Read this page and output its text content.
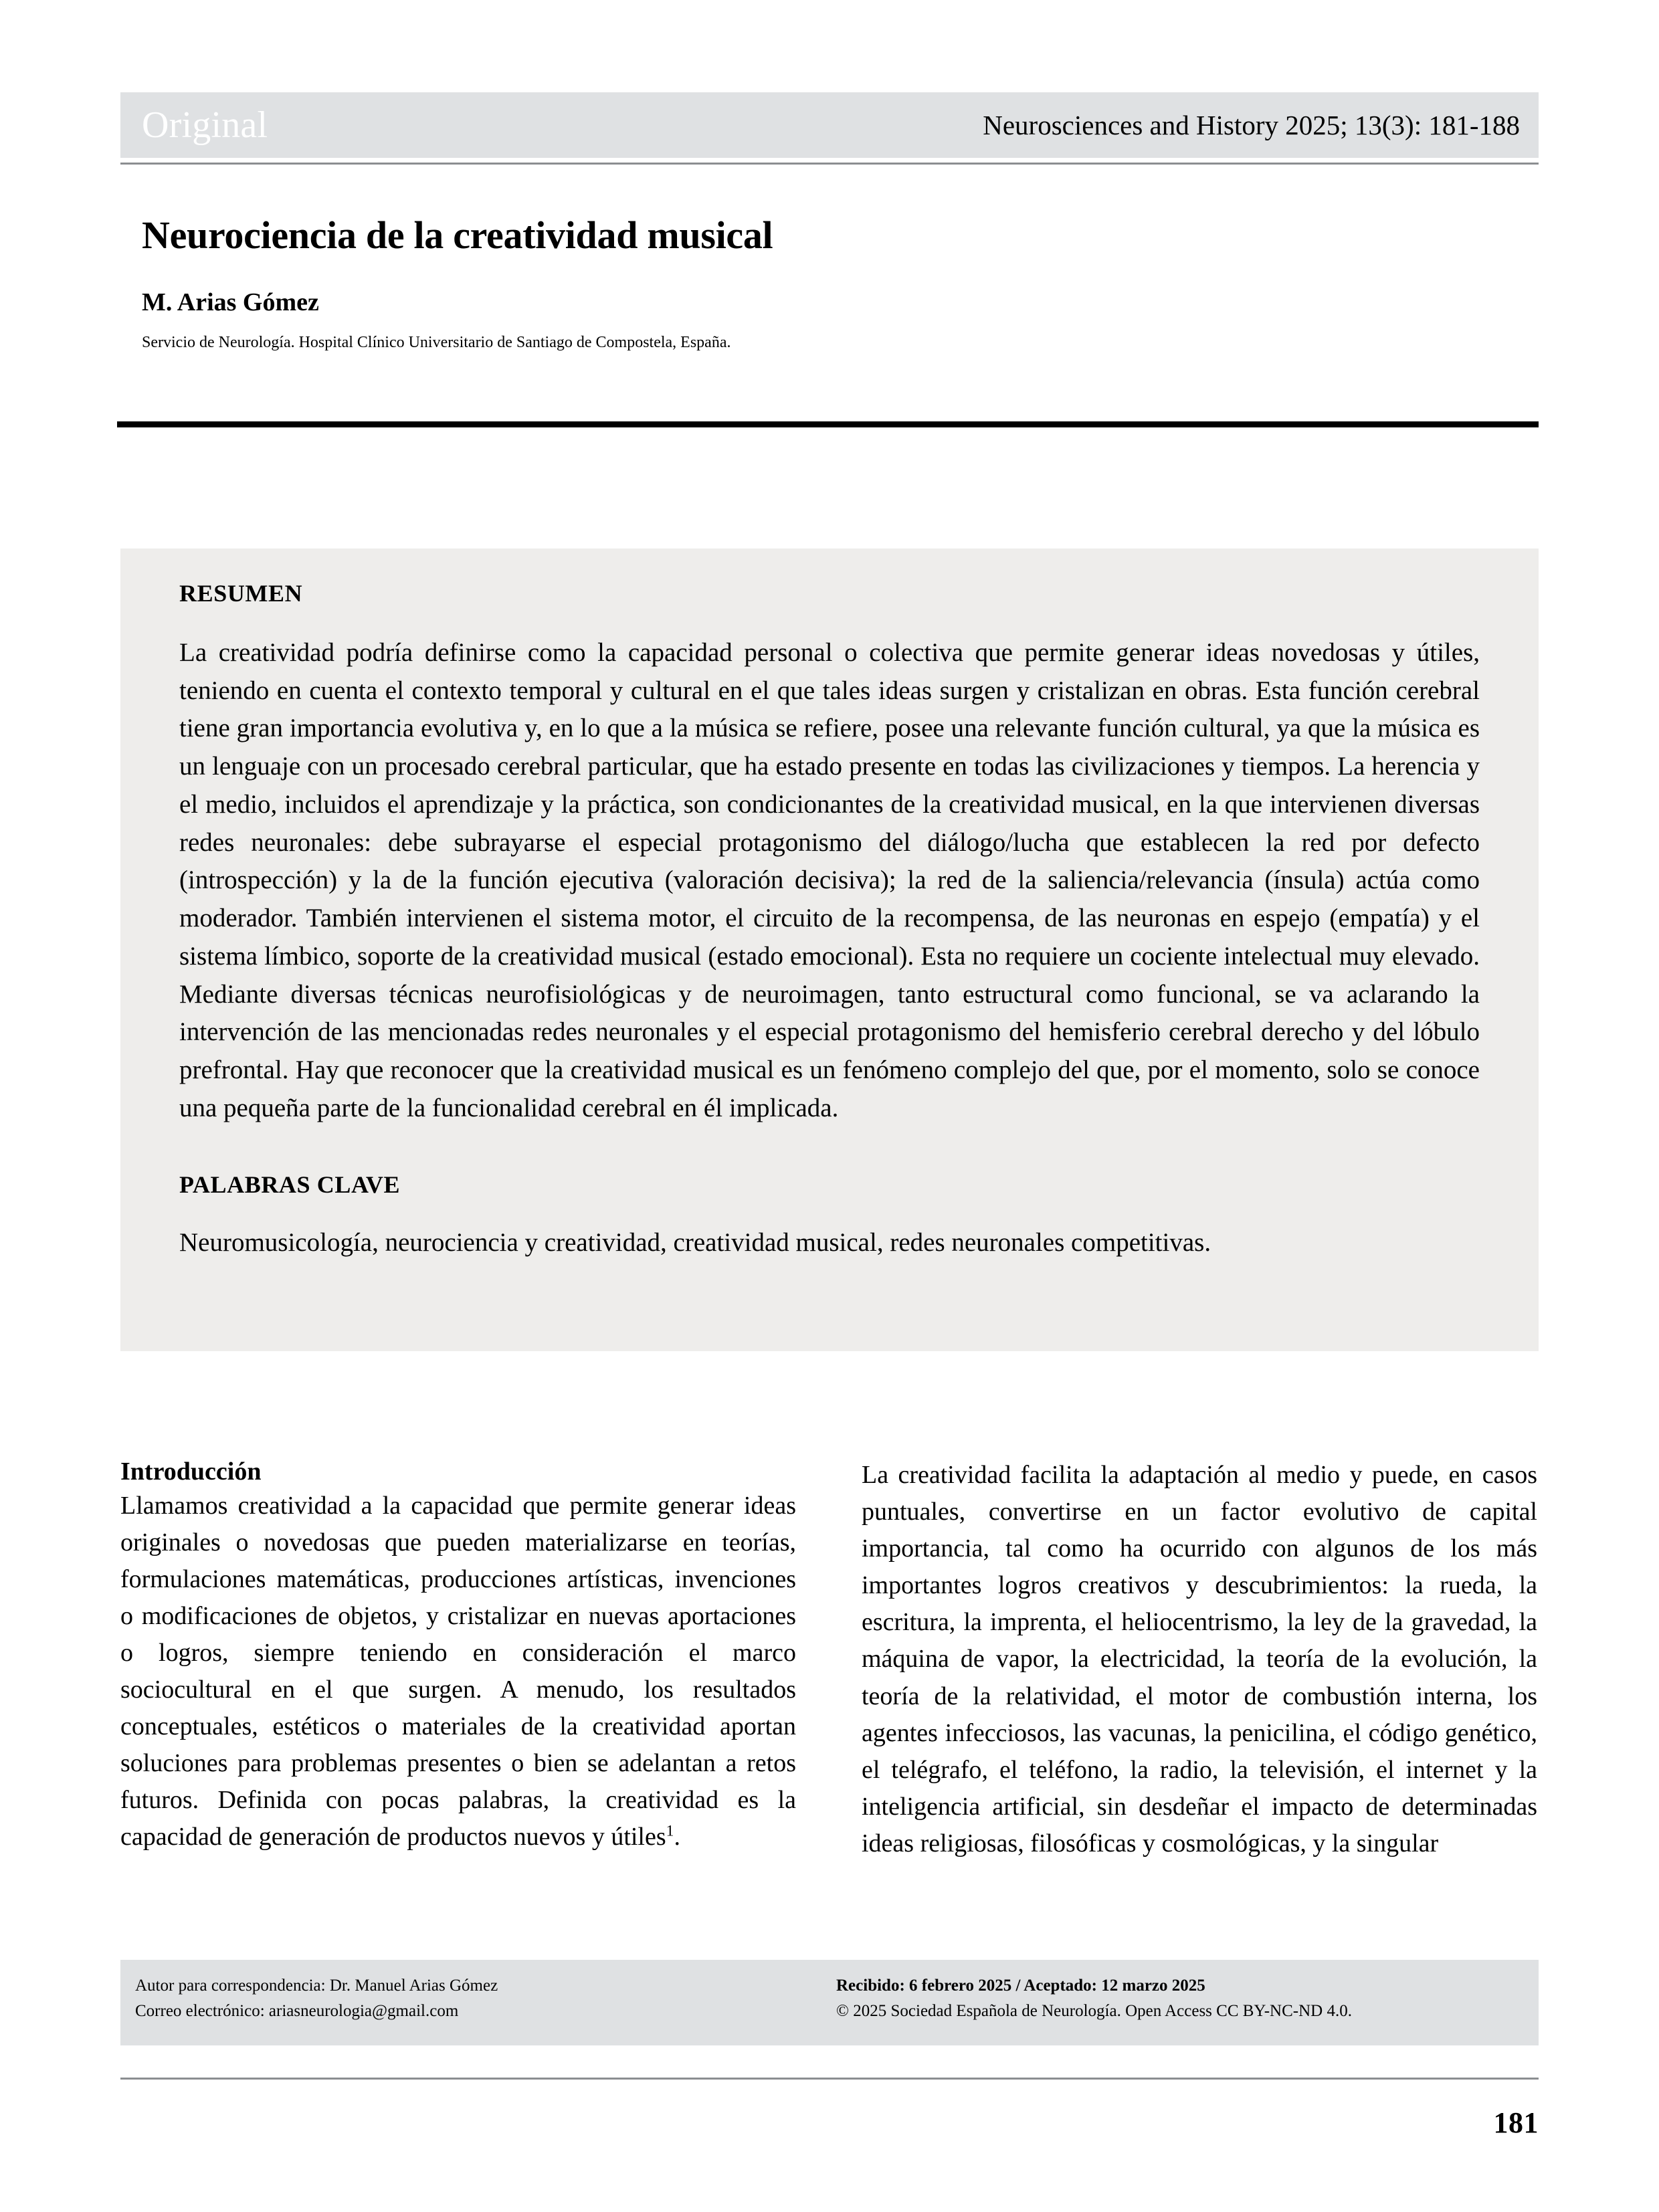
Original	Neurosciences and History 2025; 13(3): 181-188
Neurociencia de la creatividad musical
M. Arias Gómez
Servicio de Neurología. Hospital Clínico Universitario de Santiago de Compostela, España.

RESUMEN

La creatividad podría definirse como la capacidad personal o colectiva que permite generar ideas novedosas y útiles, teniendo en cuenta el contexto temporal y cultural en el que tales ideas surgen y cristalizan en obras. Esta función cerebral tiene gran importancia evolutiva y, en lo que a la música se refiere, posee una relevante función cultural, ya que la música es un lenguaje con un procesado cerebral particular, que ha estado presente en todas las civilizaciones y tiempos. La herencia y el medio, incluidos el aprendizaje y la práctica, son condicionantes de la creatividad musical, en la que intervienen diversas redes neuronales: debe subrayarse el especial protagonismo del diálogo/lucha que establecen la red por defecto (introspección) y la de la función ejecutiva (valoración decisiva); la red de la saliencia/relevancia (ínsula) actúa como moderador. También intervienen el sistema motor, el circuito de la recompensa, de las neuronas en espejo (empatía) y el sistema límbico, soporte de la creatividad musical (estado emocional). Esta no requiere un cociente intelectual muy elevado. Mediante diversas técnicas neurofisiológicas y de neuroimagen, tanto estructural como funcional, se va aclarando la intervención de las mencionadas redes neuronales y el especial protagonismo del hemisferio cerebral derecho y del lóbulo prefrontal. Hay que reconocer que la creatividad musical es un fenómeno complejo del que, por el momento, solo se conoce una pequeña parte de la funcionalidad cerebral en él implicada.

PALABRAS CLAVE

Neuromusicología, neurociencia y creatividad, creatividad musical, redes neuronales competitivas.

Introducción

Llamamos creatividad a la capacidad que permite generar ideas originales o novedosas que pueden materializarse en teorías, formulaciones matemáticas, producciones artísticas, invenciones o modificaciones de objetos, y cristalizar en nuevas aportaciones o logros, siempre teniendo en consideración el marco sociocultural en el que surgen. A menudo, los resultados conceptuales, estéticos o materiales de la creatividad aportan soluciones para problemas presentes o bien se adelantan a retos futuros. Definida con pocas palabras, la creatividad es la capacidad de generación de productos nuevos y útiles$^1$.

La creatividad facilita la adaptación al medio y puede, en casos puntuales, convertirse en un factor evolutivo de capital importancia, tal como ha ocurrido con algunos de los más importantes logros creativos y descubrimientos: la rueda, la escritura, la imprenta, el heliocentrismo, la ley de la gravedad, la máquina de vapor, la electricidad, la teoría de la evolución, la teoría de la relatividad, el motor de combustión interna, los agentes infecciosos, las vacunas, la penicilina, el código genético, el telégrafo, el teléfono, la radio, la televisión, el internet y la inteligencia artificial, sin desdeñar el impacto de determinadas ideas religiosas, filosóficas y cosmológicas, y la singular

Autor para correspondencia: Dr. Manuel Arias Gómez

Correo electrónico: ariasneurologia@gmail.com

Recibido: 6 febrero 2025 / Aceptado: 12 marzo 2025

© 2025 Sociedad Española de Neurología. Open Access CC BY-NC-ND 4.0.

181
